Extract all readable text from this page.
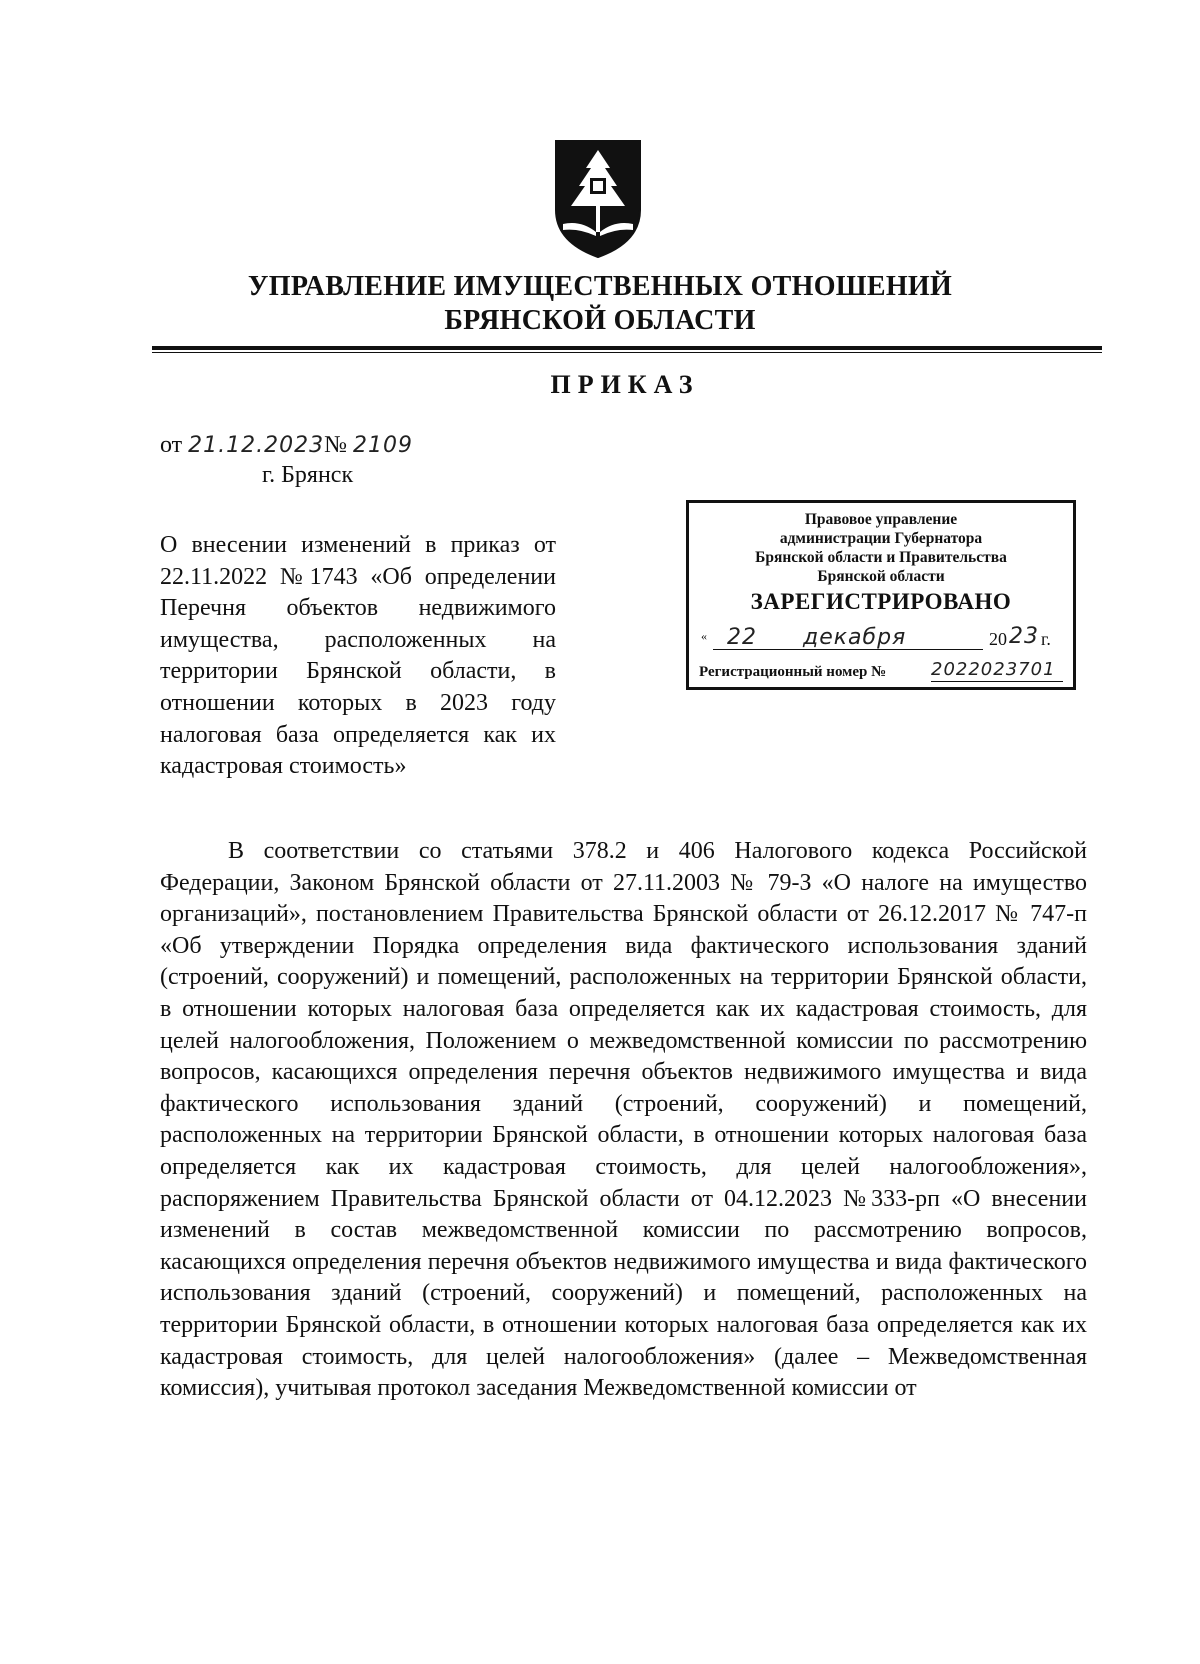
УПРАВЛЕНИЕ ИМУЩЕСТВЕННЫХ ОТНОШЕНИЙ
БРЯНСКОЙ ОБЛАСТИ
ПРИКАЗ
от 21.12.2023№ 2109
г. Брянск
О внесении изменений в приказ от 22.11.2022 №1743 «Об определении Перечня объектов недвижимого имущества, расположенных на территории Брянской области, в отношении которых в 2023 году налоговая база определяется как их кадастровая стоимость»
Правовое управление
администрации Губернатора
Брянской области и Правительства
Брянской области
ЗАРЕГИСТРИРОВАНО
« 22 декабря	20 23 г.
Регистрационный номер № 2022023701
В соответствии со статьями 378.2 и 406 Налогового кодекса Российской Федерации, Законом Брянской области от 27.11.2003 № 79-З «О налоге на имущество организаций», постановлением Правительства Брянской области от 26.12.2017 № 747-п «Об утверждении Порядка определения вида фактического использования зданий (строений, сооружений) и помещений, расположенных на территории Брянской области, в отношении которых налоговая база определяется как их кадастровая стоимость, для целей налогообложения, Положением о межведомственной комиссии по рассмотрению вопросов, касающихся определения перечня объектов недвижимого имущества и вида фактического использования зданий (строений, сооружений) и помещений, расположенных на территории Брянской области, в отношении которых налоговая база определяется как их кадастровая стоимость, для целей налогообложения», распоряжением Правительства Брянской области от 04.12.2023 №333-рп «О внесении изменений в состав межведомственной комиссии по рассмотрению вопросов, касающихся определения перечня объектов недвижимого имущества и вида фактического использования зданий (строений, сооружений) и помещений, расположенных на территории Брянской области, в отношении которых налоговая база определяется как их кадастровая стоимость, для целей налогообложения» (далее – Межведомственная комиссия), учитывая протокол заседания Межведомственной комиссии от
